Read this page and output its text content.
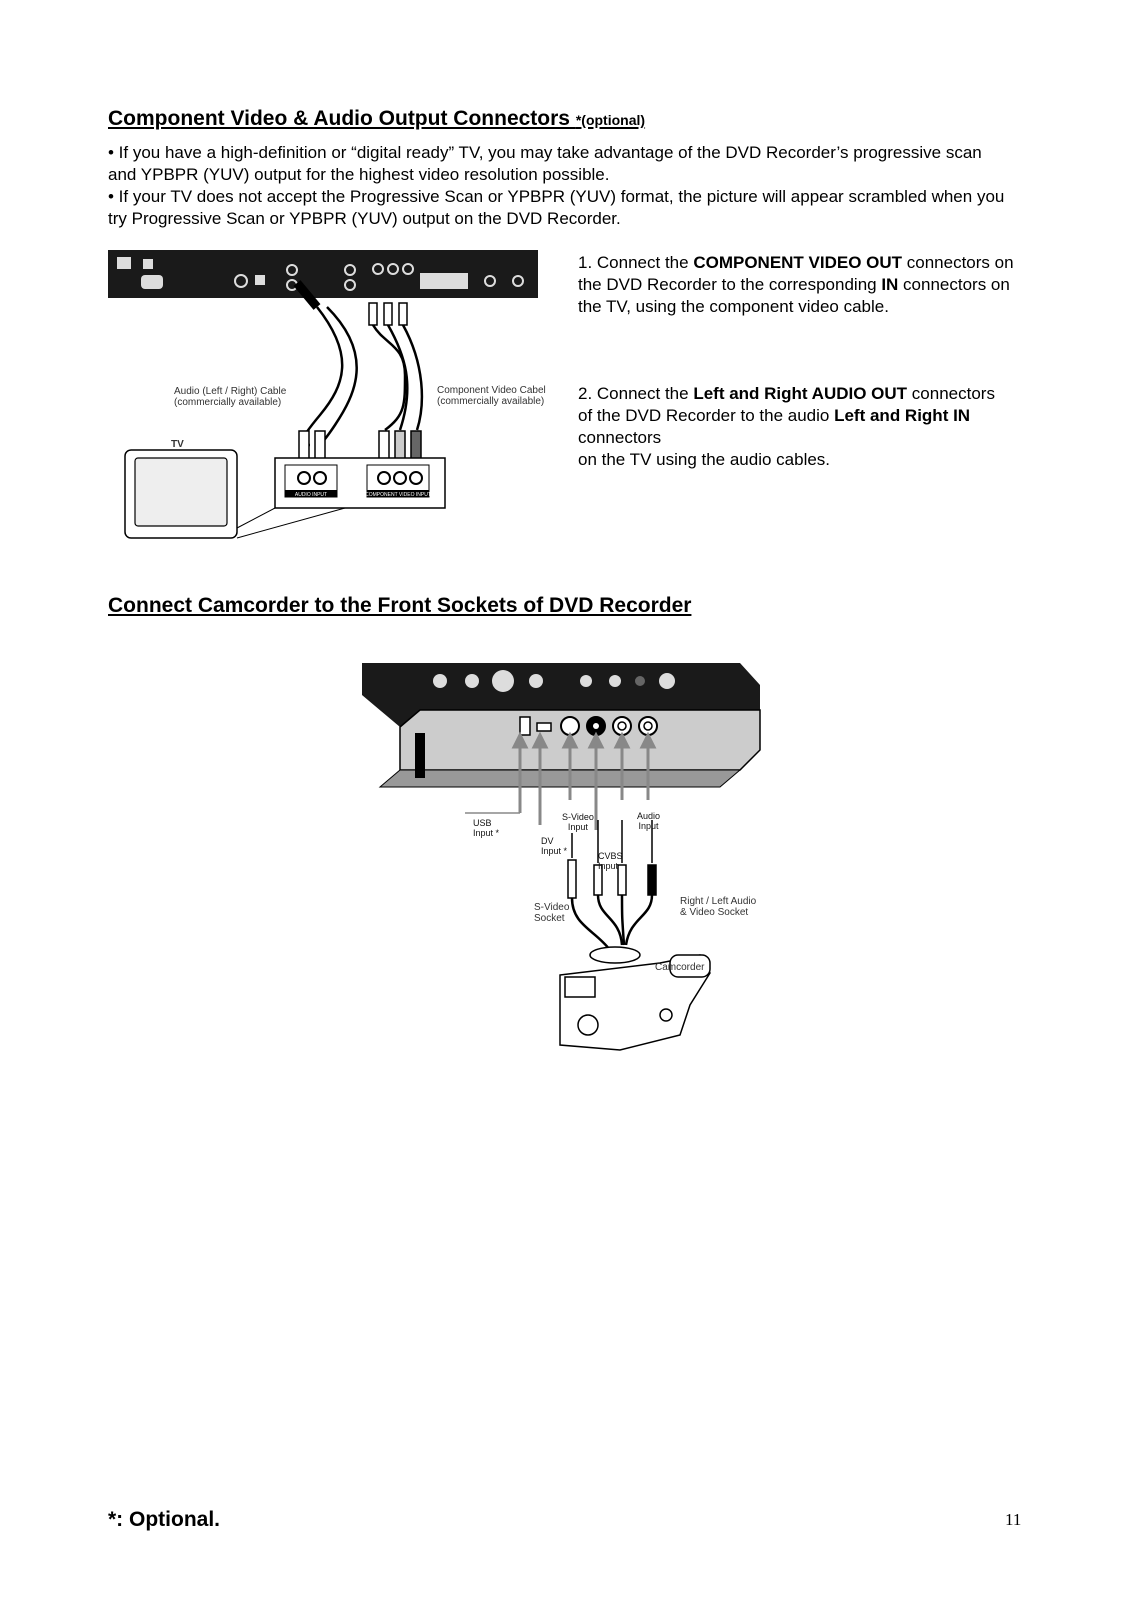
Component Video & Audio Output Connectors *(optional)
• If you have a high-definition or “digital ready” TV, you may take advantage of the DVD Recorder’s progressive scan and YPBPR (YUV) output for the highest video resolution possible.
• If your TV does not accept the Progressive Scan or YPBPR (YUV) format, the picture will appear scrambled when you try Progressive Scan or YPBPR (YUV) output on the DVD Recorder.
AUDIO INPUT	COMPONENT VIDEO INPUT
TV
Audio (Left / Right) Cable
(commercially available)
Component Video Cabel
(commercially available)
1. Connect the COMPONENT VIDEO OUT connectors on the DVD Recorder to the corresponding IN connectors on the TV, using the component video cable.
2. Connect the Left and Right AUDIO OUT connectors of the DVD Recorder to the audio Left and Right IN connectors
on the TV using the audio cables.
Connect Camcorder to the Front Sockets of DVD Recorder
USB
Input *
S-Video
Input
Audio
Input
DV
Input *	CVBS
Input
S-Video
Socket
Right / Left Audio
& Video Socket
Camcorder
*: Optional.	11
